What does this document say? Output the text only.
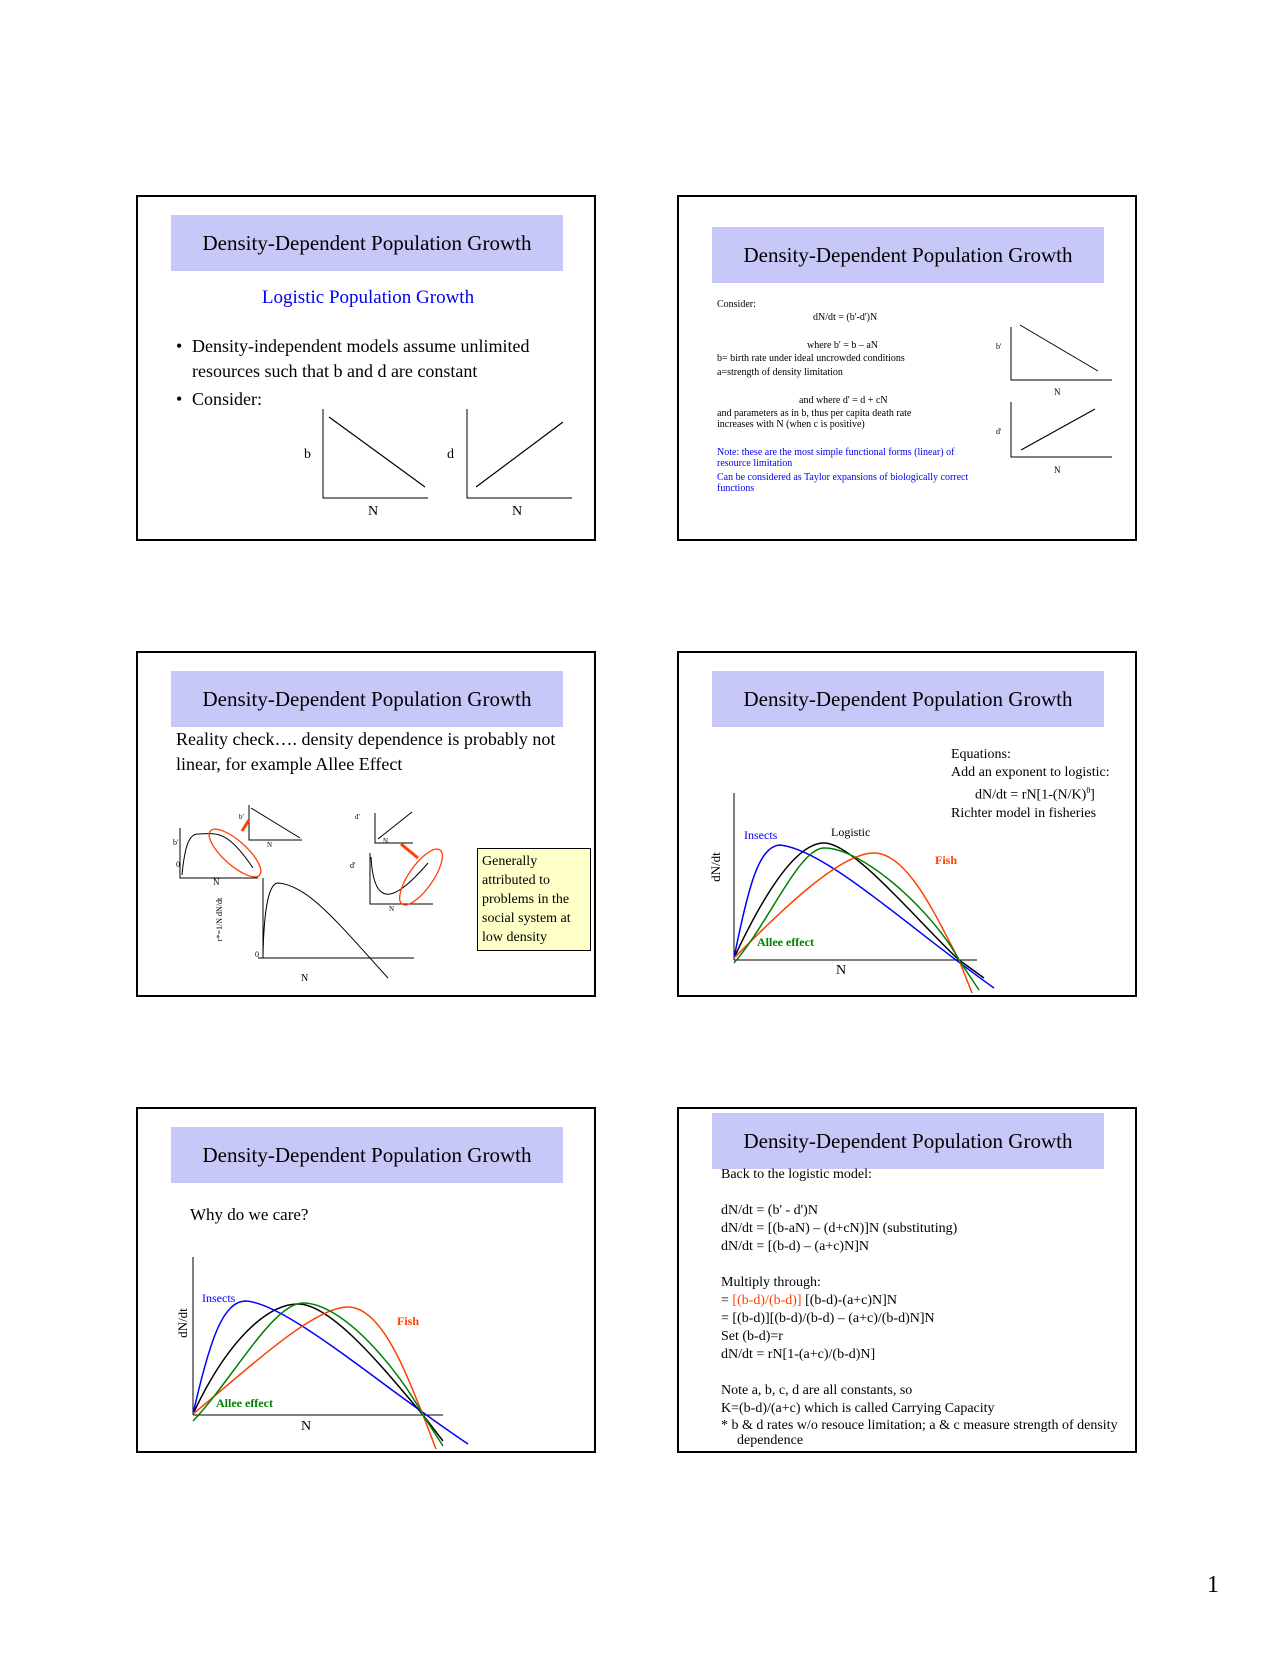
Density-Dependent Population Growth
Logistic Population Growth
• Density-independent models assume unlimited resources such that b and d are constant
• Consider:
b	d
N	N
Density-Dependent Population Growth
Consider:
dN/dt = (b'-d')N
where b' = b – aN
b= birth rate under ideal uncrowded conditions
a=strength of density limitation
and where d' = d + cN
and parameters as in b, thus per capita death rate increases with N (when c is positive)
Note: these are the most simple functional forms (linear) of resource limitation
Can be considered as Taylor expansions of biologically correct functions
b'
N
d'
N
Density-Dependent Population Growth
Reality check…. density dependence is probably not linear, for example Allee Effect
b'
N
b'
0
N
d'
N
d'
N
0
r*=1/N dN/dt
N
Generally attributed to problems in the social system at low density
Density-Dependent Population Growth
Equations:
Add an exponent to logistic:
$dN/dt = rN[1-(N/K)^\theta]$
Richter model in fisheries
dN/dt
N
Insects	Logistic
Fish
Allee effect
Density-Dependent Population Growth
Why do we care?
dN/dt
N
Insects
Fish
Allee effect
Density-Dependent Population Growth
Back to the logistic model:
dN/dt = (b' - d')N
dN/dt = [(b-aN) – (d+cN)]N (substituting)
dN/dt = [(b-d) – (a+c)N]N
Multiply through:
= [(b-d)/(b-d)] [(b-d)-(a+c)N]N
= [(b-d)][(b-d)/(b-d) – (a+c)/(b-d)N]N
Set (b-d)=r
dN/dt = rN[1-(a+c)/(b-d)N]
Note a, b, c, d are all constants, so
K=(b-d)/(a+c) which is called Carrying Capacity
* b & d rates w/o resouce limitation; a & c measure strength of density dependence
1
